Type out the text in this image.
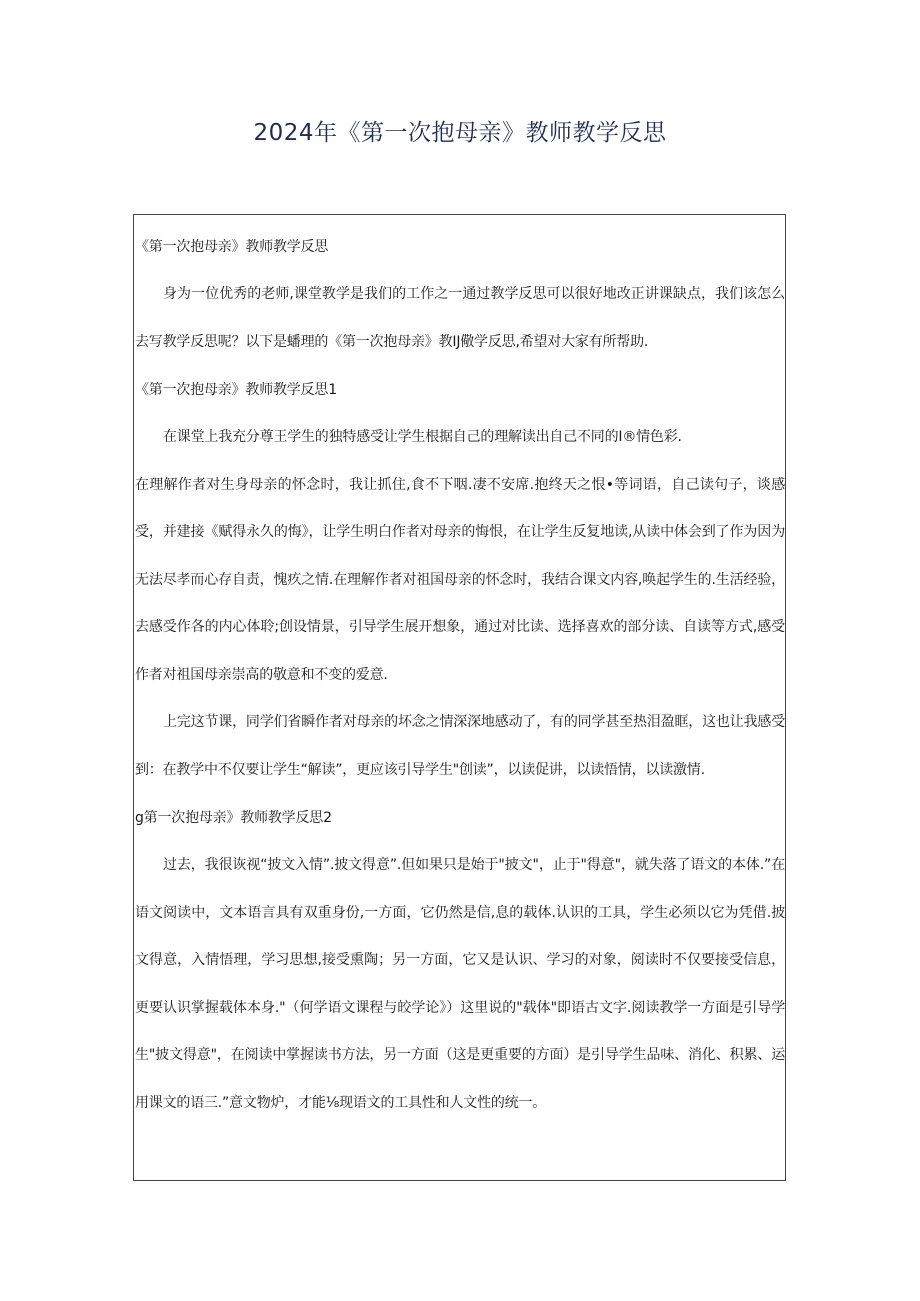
2024年《第一次抱母亲》教师教学反思

《第一次抱母亲》教师教学反思

身为一位优秀的老师,课堂教学是我们的工作之一通过教学反思可以很好地改正讲课缺点，我们该怎么去写教学反思呢？以下是蟠理的《第一次抱母亲》教IJ儆学反思,希望对大家有所帮助.

《第一次抱母亲》教师教学反思1

在课堂上我充分尊王学生的独特感受让学生根据自己的理解读出自己不同的I®情色彩.

在理解作者对生身母亲的怀念时，我让抓住,食不下咽.凄不安席.抱终天之恨•等词语，自己读句子，谈感受，并建接《赋得永久的悔》，让学生明白作者对母亲的悔恨，在让学生反复地读,从读中体会到了作为因为无法尽孝而心存自责，愧疚之情.在理解作者对祖国母亲的怀念时，我结合课文内容,唤起学生的.生活经验，去感受作各的内心体聆;创设情景，引导学生展开想象，通过对比读、选择喜欢的部分读、自读等方式,感受作者对祖国母亲崇高的敬意和不变的爱意.

上完这节课，同学们省瞬作者对母亲的坏念之情深深地感动了，有的同学甚至热泪盈眶，这也让我感受到：在教学中不仅要让学生“解读”，更应该引导学生"创读”，以读促讲，以读悟情，以读激情.

g第一次抱母亲》教师教学反思2

过去，我很诙视“披文入情”.披文得意”.但如果只是始于"披文"，止于"得意"，就失落了语文的本体.”在语文阅读中，文本语言具有双重身份,一方面，它仍然是信,息的载体.认识的工具，学生必须以它为凭借.披文得意，入情悟理，学习思想,接受熏陶；另一方面，它又是认识、学习的对象，阅读时不仅要接受信息，更要认识掌握载体本身."（何学语文课程与皎学论》）这里说的"载体"即语古文字.阅读教学一方面是引导学生"披文得意"，在阅读中掌握读书方法，另一方面（这是更重要的方面）是引导学生品味、消化、积累、运用课文的语三.”意文物炉，才能⅛现语文的工具性和人文性的统一。
